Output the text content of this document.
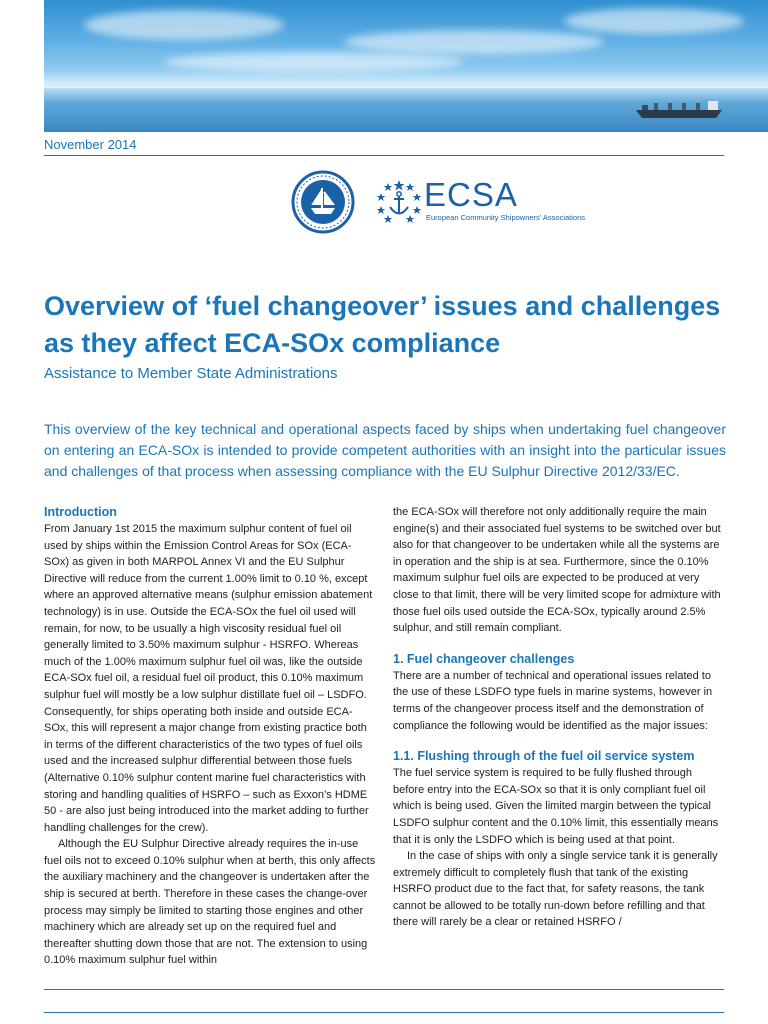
November 2014
ECSA
European Community Shipowners' Associations
Overview of ‘fuel changeover’ issues and challenges as they affect ECA-SOx compliance
Assistance to Member State Administrations
This overview of the key technical and operational aspects faced by ships when undertaking fuel changeover on entering an ECA-SOx is intended to provide competent authorities with an insight into the particular issues and challenges of that process when assessing compliance with the EU Sulphur Directive 2012/33/EC.
Introduction

From January 1st 2015 the maximum sulphur content of fuel oil used by ships within the Emission Control Areas for SOx (ECA-SOx) as given in both MARPOL Annex VI and the EU Sulphur Directive will reduce from the current 1.00% limit to 0.10 %, except where an approved alternative means (sulphur emission abatement technology) is in use. Outside the ECA-SOx the fuel oil used will remain, for now, to be usually a high viscosity residual fuel oil generally limited to 3.50% maximum sulphur - HSRFO. Whereas much of the 1.00% maximum sulphur fuel oil was, like the outside ECA-SOx fuel oil, a residual fuel oil product, this 0.10% maximum sulphur fuel will mostly be a low sulphur distillate fuel oil – LSDFO. Consequently, for ships operating both inside and outside ECA-SOx, this will represent a major change from existing practice both in terms of the different characteristics of the two types of fuel oils used and the increased sulphur differential between those fuels (Alternative 0.10% sulphur content marine fuel characteristics with storing and handling qualities of HSRFO – such as Exxon’s HDME 50 - are also just being introduced into the market adding to further handling challenges for the crew).

Although the EU Sulphur Directive already requires the in-use fuel oils not to exceed 0.10% sulphur when at berth, this only affects the auxiliary machinery and the changeover is undertaken after the ship is secured at berth. Therefore in these cases the change-over process may simply be limited to starting those engines and other machinery which are already set up on the required fuel and thereafter shutting down those that are not. The extension to using 0.10% maximum sulphur fuel within

the ECA-SOx will therefore not only additionally require the main engine(s) and their associated fuel systems to be switched over but also for that changeover to be undertaken while all the systems are in operation and the ship is at sea. Furthermore, since the 0.10% maximum sulphur fuel oils are expected to be produced at very close to that limit, there will be very limited scope for admixture with those fuel oils used outside the ECA-SOx, typically around 2.5% sulphur, and still remain compliant.

1. Fuel changeover challenges

There are a number of technical and operational issues related to the use of these LSDFO type fuels in marine systems, however in terms of the changeover process itself and the demonstration of compliance the following would be identified as the major issues:

1.1. Flushing through of the fuel oil service system

The fuel service system is required to be fully flushed through before entry into the ECA-SOx so that it is only compliant fuel oil which is being used. Given the limited margin between the typical LSDFO sulphur content and the 0.10% limit, this essentially means that it is only the LSDFO which is being used at that point.

In the case of ships with only a single service tank it is generally extremely difficult to completely flush that tank of the existing HSRFO product due to the fact that, for safety reasons, the tank cannot be allowed to be totally run-down before refilling and that there will rarely be a clear or retained HSRFO /
